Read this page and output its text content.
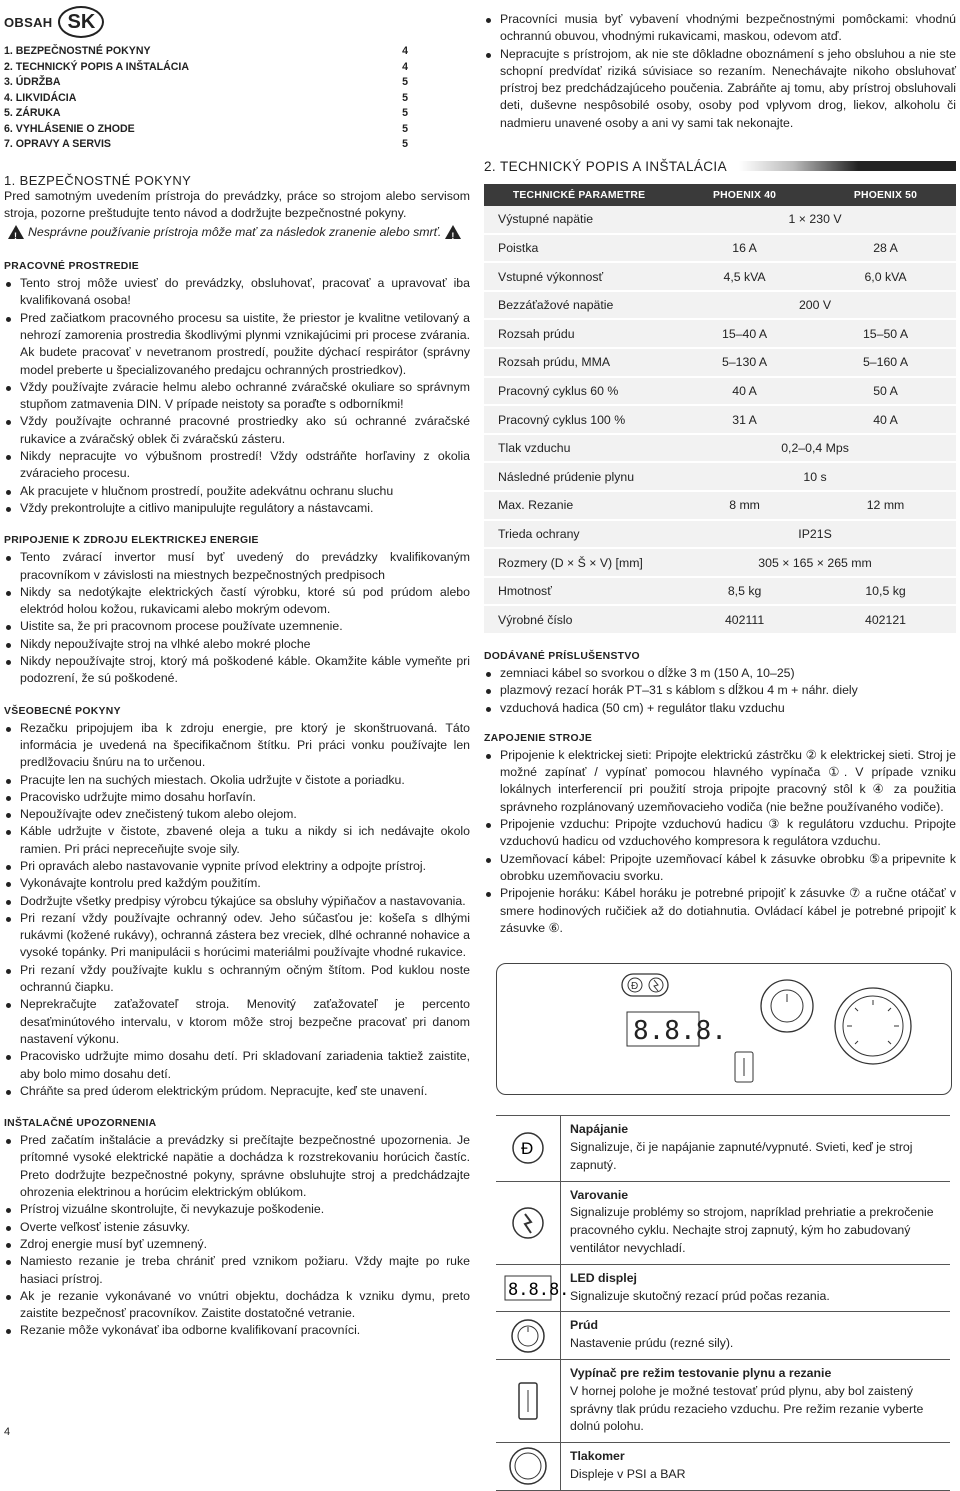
OBSAH SK
1. BEZPEČNOSTNÉ POKYNY	4
2. TECHNICKÝ POPIS A INŠTALÁCIA	4
3. ÚDRŽBA	5
4. LIKVIDÁCIA	5
5. ZÁRUKA	5
6. VYHLÁSENIE O ZHODE	5
7. OPRAVY A SERVIS	5
1. BEZPEČNOSTNÉ POKYNY

Pred samotným uvedením prístroja do prevádzky, práce so strojom alebo servisom stroja, pozorne preštudujte tento návod a dodržujte bezpečnostné pokyny.

!
Nesprávne používanie prístroja môže mať za následok zranenie alebo smrť.
!
PRACOVNÉ PROSTREDIE
Tento stroj môže uviesť do prevádzky, obsluhovať, pracovať a upravovať iba kvalifikovaná osoba!
Pred začiatkom pracovného procesu sa uistite, že priestor je kvalitne vetilovaný a nehrozí zamorenia prostredia škodlivými plynmi vznikajúcimi pri procese zvárania. Ak budete pracovať v nevetranom prostredí, použite dýchací respirátor (správny model preberte u špecializovaného predajcu ochranných prostriedkov).
Vždy používajte zváracie helmu alebo ochranné zváračské okuliare so správnym stupňom zatmavenia DIN. V prípade neistoty sa poraďte s odborníkmi!
Vždy používajte ochranné pracovné prostriedky ako sú ochranné zváračské rukavice a zváračský oblek či zváračskú zásteru.
Nikdy nepracujte vo výbušnom prostredí! Vždy odstráňte horľaviny z okolia zváracieho procesu.
Ak pracujete v hlučnom prostredí, použite adekvátnu ochranu sluchu
Vždy prekontrolujte a citlivo manipulujte regulátory a nástavcami.
PRIPOJENIE K ZDROJU ELEKTRICKEJ ENERGIE
Tento zvárací invertor musí byť uvedený do prevádzky kvalifikovaným pracovníkom v závislosti na miestnych bezpečnostných predpisoch
Nikdy sa nedotýkajte elektrických častí výrobku, ktoré sú pod prúdom alebo elektród holou kožou, rukavicami alebo mokrým odevom.
Uistite sa, že pri pracovnom procese používate uzemnenie.
Nikdy nepoužívajte stroj na vlhké alebo mokré ploche
Nikdy nepoužívajte stroj, ktorý má poškodené káble. Okamžite káble vymeňte pri podozrení, že sú poškodené.
VŠEOBECNÉ POKYNY
Rezačku pripojujem iba k zdroju energie, pre ktorý je skonštruovaná. Táto informácia je uvedená na špecifikačnom štítku. Pri práci vonku používajte len predlžovaciu šnúru na to určenou.
Pracujte len na suchých miestach. Okolia udržujte v čistote a poriadku.
Pracovisko udržujte mimo dosahu horľavín.
Nepoužívajte odev znečistený tukom alebo olejom.
Káble udržujte v čistote, zbavené oleja a tuku a nikdy si ich nedávajte okolo ramien. Pri práci nepreceňujte svoje sily.
Pri opravách alebo nastavovanie vypnite prívod elektriny a odpojte prístroj.
Vykonávajte kontrolu pred každým použitím.
Dodržujte všetky predpisy výrobcu týkajúce sa obsluhy výpiňačov a nastavovania.
Pri rezaní vždy používajte ochranný odev. Jeho súčasťou je: košeľa s dlhými rukávmi (kožené rukávy), ochranná zástera bez vreciek, dlhé ochranné nohavice a vysoké topánky. Pri manipulácii s horúcimi materiálmi používajte vhodné rukavice.
Pri rezaní vždy používajte kuklu s ochranným očným štítom. Pod kuklou noste ochrannú čiapku.
Neprekračujte zaťažovateľ stroja. Menovitý zaťažovateľ je percento desaťminútového intervalu, v ktorom môže stroj bezpečne pracovať pri danom nastavení výkonu.
Pracovisko udržujte mimo dosahu detí. Pri skladovaní zariadenia taktiež zaistite, aby bolo mimo dosahu detí.
Chráňte sa pred úderom elektrickým prúdom. Nepracujte, keď ste unavení.
INŠTALAČNÉ UPOZORNENIA
Pred začatím inštalácie a prevádzky si prečítajte bezpečnostné upozornenia. Je prítomné vysoké elektrické napätie a dochádza k rozstrekovaniu horúcich častíc. Preto dodržujte bezpečnostné pokyny, správne obsluhujte stroj a predchádzajte ohrozenia elektrinou a horúcim elektrickým oblúkom.
Prístroj vizuálne skontrolujte, či nevykazuje poškodenie.
Overte veľkosť istenie zásuvky.
Zdroj energie musí byť uzemnený.
Namiesto rezanie je treba chrániť pred vznikom požiaru. Vždy majte po ruke hasiaci prístroj.
Ak je rezanie vykonávané vo vnútri objektu, dochádza k vzniku dymu, preto zaistite bezpečnosť pracovníkov. Zaistite dostatočné vetranie.
Rezanie môže vykonávať iba odborne kvalifikovaní pracovníci.
Pracovníci musia byť vybavení vhodnými bezpečnostnými pomôckami: vhodnú ochrannú obuvou, vhodnými rukavicami, maskou, odevom atď.
Nepracujte s prístrojom, ak nie ste dôkladne oboznámení s jeho obsluhou a nie ste schopní predvídať riziká súvisiace so rezaním. Nenechávajte nikoho obsluhovať prístroj bez predchádzajúceho poučenia. Zabráňte aj tomu, aby prístroj obsluhovali deti, duševne nespôsobilé osoby, osoby pod vplyvom drog, liekov, alkoholu či nadmieru unavené osoby a ani vy sami tak nekonajte.
2. TECHNICKÝ POPIS A INŠTALÁCIA
TECHNICKÉ PARAMETRE	PHOENIX 40	PHOENIX 50
Výstupné napätie	1 × 230 V	
Poistka	16 A	28 A
Vstupné výkonnosť	4,5 kVA	6,0 kVA
Bezzáťažové napätie	200 V	
Rozsah prúdu	15–40 A	15–50 A
Rozsah prúdu, MMA	5–130 A	5–160 A
Pracovný cyklus 60 %	40 A	50 A
Pracovný cyklus 100 %	31 A	40 A
Tlak vzduchu	0,2–0,4 Mps	
Následné prúdenie plynu	10 s	
Max. Rezanie	8 mm	12 mm
Trieda ochrany	IP21S	
Rozmery (D × Š × V) [mm]	305 × 165 × 265 mm	
Hmotnosť	8,5 kg	10,5 kg
Výrobné číslo	402111	402121
DODÁVANÉ PRÍSLUŠENSTVO
zemniaci kábel so svorkou o dĺžke 3 m (150 A, 10–25)
plazmový rezací horák PT–31 s káblom s dĺžkou 4 m + náhr. diely
vzduchová hadica (50 cm) + regulátor tlaku vzduchu
ZAPOJENIE STROJE
Pripojenie k elektrickej sieti: Pripojte elektrickú zástrčku ② k elektrickej sieti. Stroj je možné zapínať / vypínať pomocou hlavného vypínača ①. V prípade vzniku lokálnych interferencií pri použití stroja pripojte pracovný stôl k ④ za použitia správneho rozplánovaný uzemňovacieho vodiča (nie bežne používaného vodiče).
Pripojenie vzduchu: Pripojte vzduchovú hadicu ③ k regulátoru vzduchu. Pripojte vzduchovú hadicu od vzduchového kompresora k regulátora vzduchu.
Uzemňovací kábel: Pripojte uzemňovací kábel k zásuvke obrobku ⑤a pripevnite k obrobku uzemňovaciu svorku.
Pripojenie horáku: Kábel horáku je potrebné pripojiť k zásuvke ⑦ a ručne otáčať v smere hodinových ručičiek až do dotiahnutia. Ovládací kábel je potrebné pripojiť k zásuvke ⑥.
Ɖ
8.8.8.
Ɖ
Napájanie
Signalizuje, či je napájanie zapnuté/vypnuté. Svieti, keď je stroj zapnutý.
Varovanie
Signalizuje problémy so strojom, napríklad prehriatie a prekročenie pracovného cyklu. Nechajte stroj zapnutý, kým ho zabudovaný ventilátor nevychladí.
8.8.8.
LED displej
Signalizuje skutočný rezací prúd počas rezania.
Prúd
Nastavenie prúdu (rezné sily).
Vypínač pre režim testovanie plynu a rezanie
V hornej polohe je možné testovať prúd plynu, aby bol zaistený správny tlak prúdu rezacieho vzduchu. Pre režim rezanie vyberte dolnú polohu.
Tlakomer
Displeje v PSI a BAR
4
